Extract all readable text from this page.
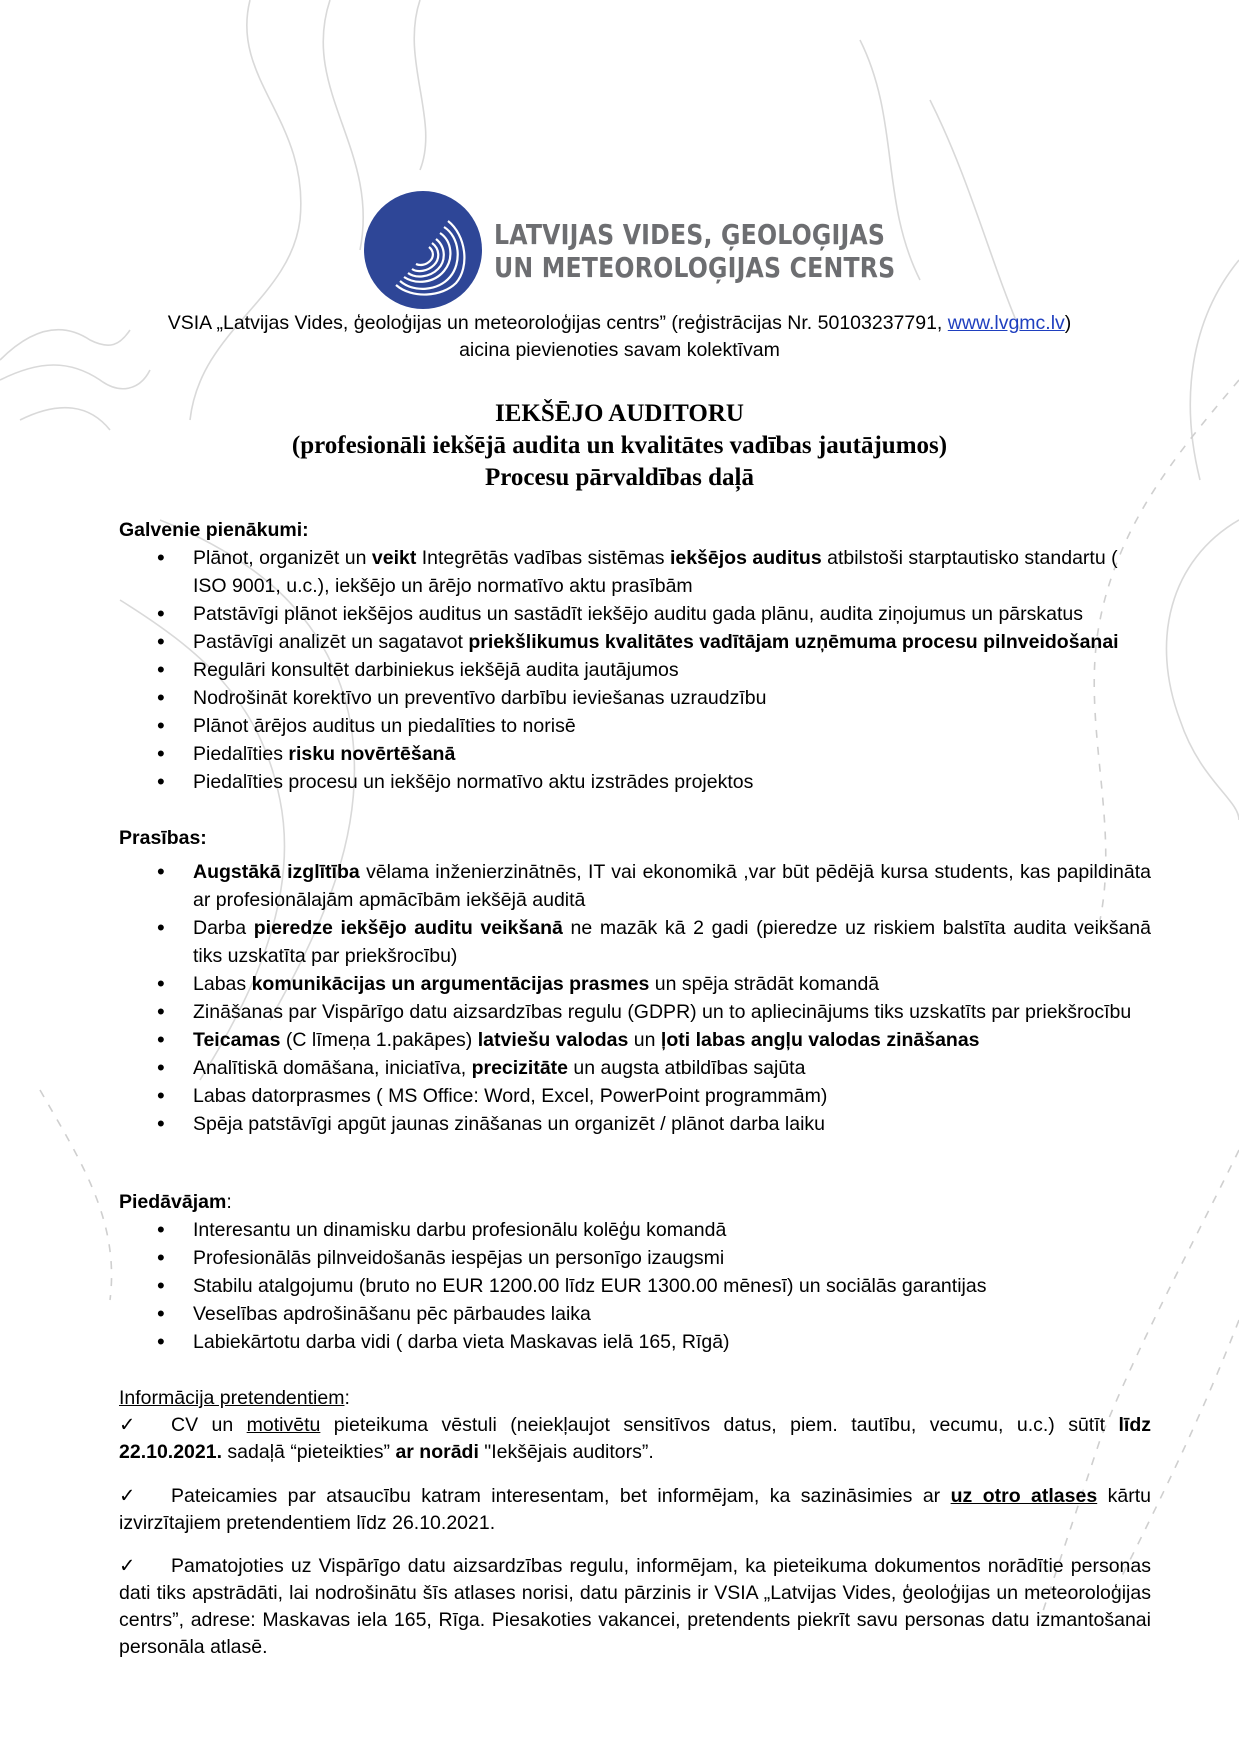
LATVIJAS VIDES, ĢEOLOĢIJAS
UN METEOROLOĢIJAS CENTRS
VSIA „Latvijas Vides, ģeoloģijas un meteoroloģijas centrs” (reģistrācijas Nr. 50103237791, www.lvgmc.lv)
aicina pievienoties savam kolektīvam
IEKŠĒJO AUDITORU
(profesionāli iekšējā audita un kvalitātes vadības jautājumos)
Procesu pārvaldības daļā
Galvenie pienākumi:
• Plānot, organizēt un veikt Integrētās vadības sistēmas iekšējos auditus atbilstoši starptautisko standartu ( ISO 9001, u.c.), iekšējo un ārējo normatīvo aktu prasībām
• Patstāvīgi plānot iekšējos auditus un sastādīt iekšējo auditu gada plānu, audita ziņojumus un pārskatus
• Pastāvīgi analizēt un sagatavot priekšlikumus kvalitātes vadītājam uzņēmuma procesu pilnveidošanai
• Regulāri konsultēt darbiniekus iekšējā audita jautājumos
• Nodrošināt korektīvo un preventīvo darbību ieviešanas uzraudzību
• Plānot ārējos auditus un piedalīties to norisē
• Piedalīties risku novērtēšanā
• Piedalīties procesu un iekšējo normatīvo aktu izstrādes projektos
Prasības:
• Augstākā izglītība vēlama inženierzinātnēs, IT vai ekonomikā ,var būt pēdējā kursa students, kas papildināta ar profesionālajām apmācībām iekšējā auditā
• Darba pieredze iekšējo auditu veikšanā ne mazāk kā 2 gadi (pieredze uz riskiem balstīta audita veikšanā tiks uzskatīta par priekšrocību)
• Labas komunikācijas un argumentācijas prasmes un spēja strādāt komandā
• Zināšanas par Vispārīgo datu aizsardzības regulu (GDPR) un to apliecinājums tiks uzskatīts par priekšrocību
• Teicamas (C līmeņa 1.pakāpes) latviešu valodas un ļoti labas angļu valodas zināšanas
• Analītiskā domāšana, iniciatīva, precizitāte un augsta atbildības sajūta
• Labas datorprasmes ( MS Office: Word, Excel, PowerPoint programmām)
• Spēja patstāvīgi apgūt jaunas zināšanas un organizēt / plānot darba laiku
Piedāvājam:
• Interesantu un dinamisku darbu profesionālu kolēģu komandā
• Profesionālās pilnveidošanās iespējas un personīgo izaugsmi
• Stabilu atalgojumu (bruto no EUR 1200.00 līdz EUR 1300.00 mēnesī) un sociālās garantijas
• Veselības apdrošināšanu pēc pārbaudes laika
• Labiekārtotu darba vidi ( darba vieta Maskavas ielā 165, Rīgā)
Informācija pretendentiem:
✓ CV un motivētu pieteikuma vēstuli (neiekļaujot sensitīvos datus, piem. tautību, vecumu, u.c.) sūtīt līdz 22.10.2021. sadaļā “pieteikties” ar norādi "Iekšējais auditors”.
✓ Pateicamies par atsaucību katram interesentam, bet informējam, ka sazināsimies ar uz otro atlases kārtu izvirzītajiem pretendentiem līdz 26.10.2021.
✓ Pamatojoties uz Vispārīgo datu aizsardzības regulu, informējam, ka pieteikuma dokumentos norādītie personas dati tiks apstrādāti, lai nodrošinātu šīs atlases norisi, datu pārzinis ir VSIA „Latvijas Vides, ģeoloģijas un meteoroloģijas centrs”, adrese: Maskavas iela 165, Rīga. Piesakoties vakancei, pretendents piekrīt savu personas datu izmantošanai personāla atlasē.
